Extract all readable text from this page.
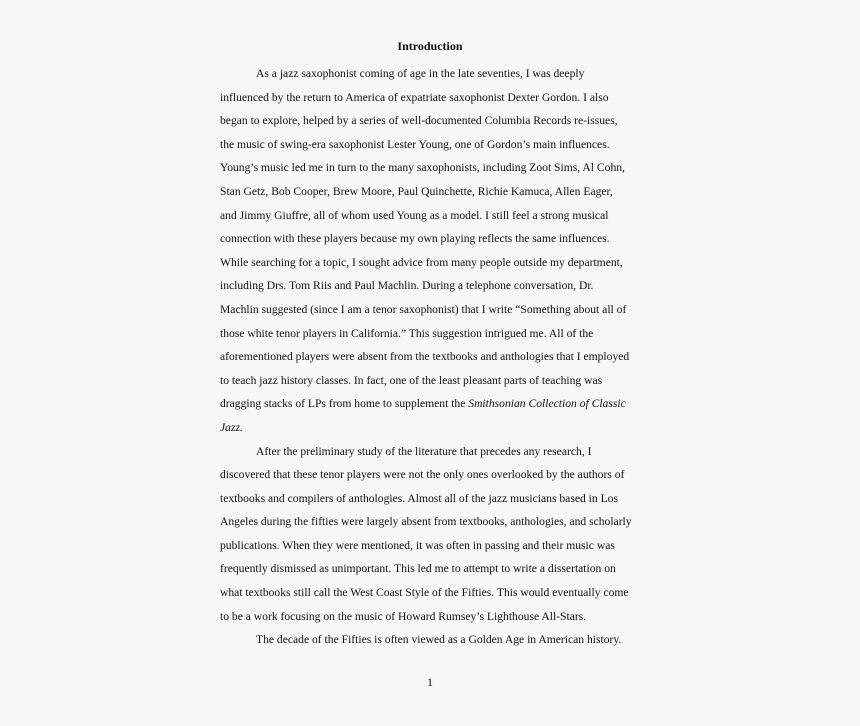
Introduction
As a jazz saxophonist coming of age in the late seventies, I was deeply
influenced by the return to America of expatriate saxophonist Dexter Gordon. I also
began to explore, helped by a series of well-documented Columbia Records re-issues,
the music of swing-era saxophonist Lester Young, one of Gordon’s main influences.
Young’s music led me in turn to the many saxophonists, including Zoot Sims, Al Cohn,
Stan Getz, Bob Cooper, Brew Moore, Paul Quinchette, Richie Kamuca, Allen Eager,
and Jimmy Giuffre, all of whom used Young as a model. I still feel a strong musical
connection with these players because my own playing reflects the same influences.
While searching for a topic, I sought advice from many people outside my department,
including Drs. Tom Riis and Paul Machlin. During a telephone conversation, Dr.
Machlin suggested (since I am a tenor saxophonist) that I write “Something about all of
those white tenor players in California.” This suggestion intrigued me. All of the
aforementioned players were absent from the textbooks and anthologies that I employed
to teach jazz history classes. In fact, one of the least pleasant parts of teaching was
dragging stacks of LPs from home to supplement the Smithsonian Collection of Classic
Jazz.
After the preliminary study of the literature that precedes any research, I
discovered that these tenor players were not the only ones overlooked by the authors of
textbooks and compilers of anthologies. Almost all of the jazz musicians based in Los
Angeles during the fifties were largely absent from textbooks, anthologies, and scholarly
publications. When they were mentioned, it was often in passing and their music was
frequently dismissed as unimportant. This led me to attempt to write a dissertation on
what textbooks still call the West Coast Style of the Fifties. This would eventually come
to be a work focusing on the music of Howard Rumsey’s Lighthouse All-Stars.
The decade of the Fifties is often viewed as a Golden Age in American history.
1
